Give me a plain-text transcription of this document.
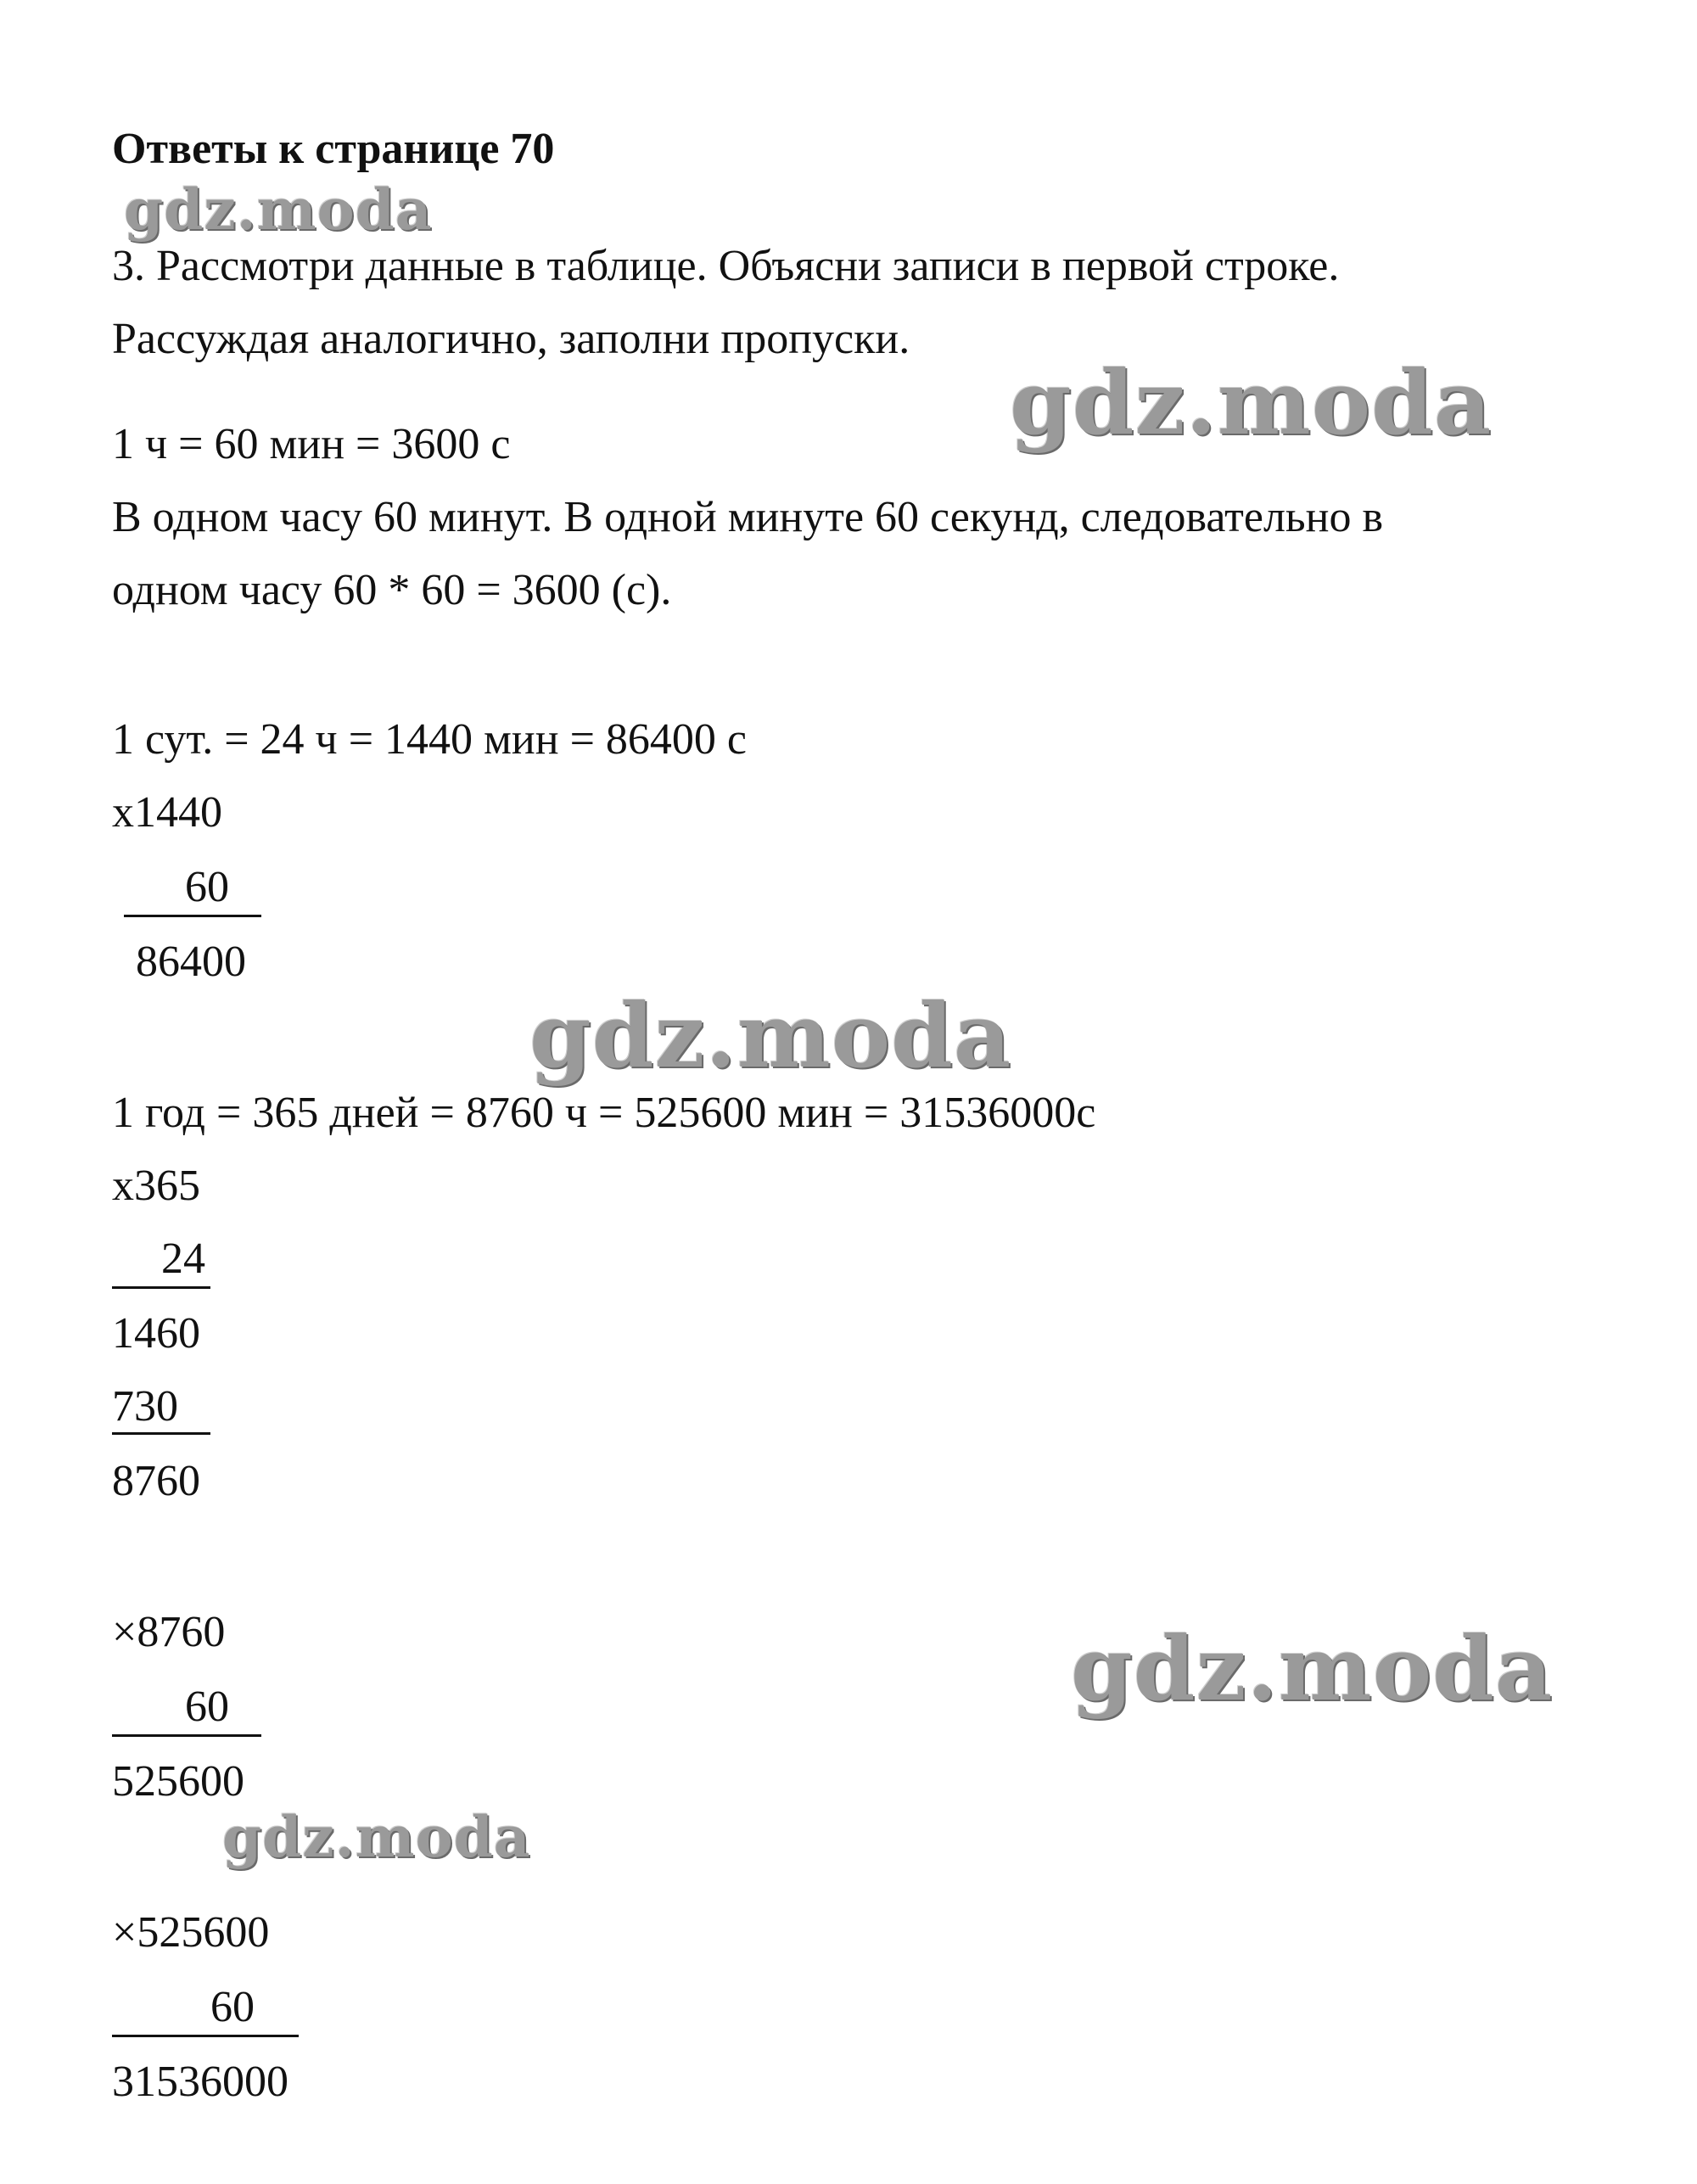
Ответы к странице 70
3. Рассмотри данные в таблице. Объясни записи в первой строке.
Рассуждая аналогично, заполни пропуски.
1 ч = 60 мин = 3600 с
В одном часу 60 минут. В одной минуте 60 секунд, следовательно в
одном часу 60 * 60 = 3600 (с).
1 сут. = 24 ч = 1440 мин = 86400 с
x1440
60
86400
1 год = 365 дней = 8760 ч = 525600 мин = 31536000с
x365
24
1460
730
8760
×8760
60
525600
×525600
60
31536000
gdz.moda
gdz.moda
gdz.moda
gdz.moda
gdz.moda
